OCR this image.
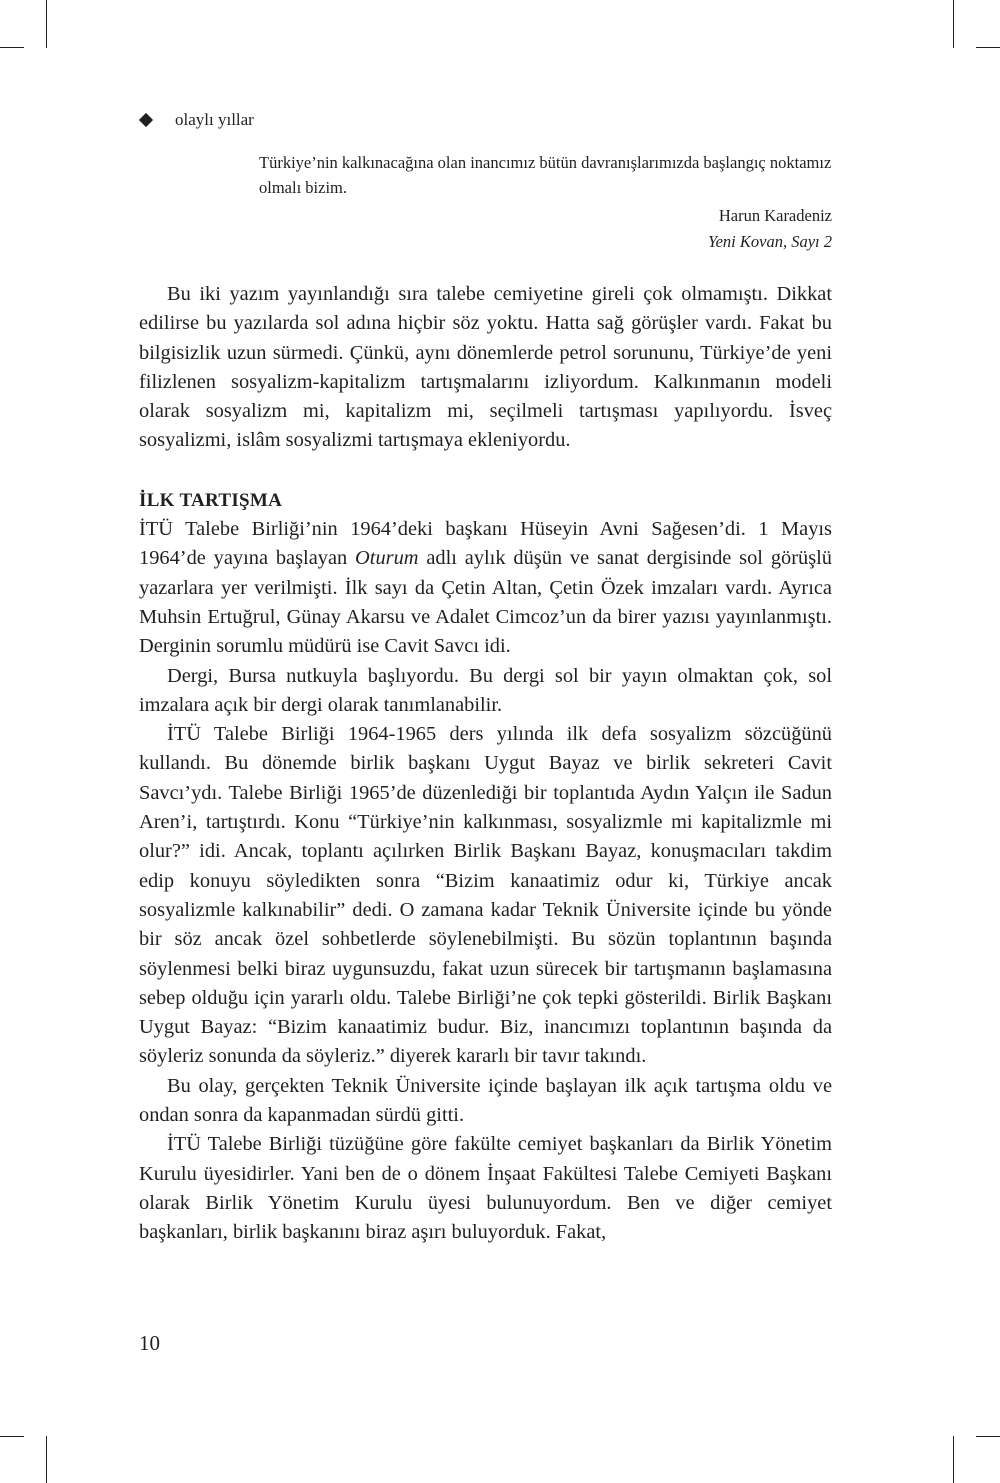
olaylı yıllar

Türkiye’nin kalkınacağına olan inancımız bütün davranışlarımızda başlangıç noktamız olmalı bizim.

Harun Karadeniz
Yeni Kovan, Sayı 2

Bu iki yazım yayınlandığı sıra talebe cemiyetine gireli çok olmamıştı. Dikkat edilirse bu yazılarda sol adına hiçbir söz yoktu. Hatta sağ görüşler vardı. Fakat bu bilgisizlik uzun sürmedi. Çünkü, aynı dönemlerde petrol sorununu, Türkiye’de yeni filizlenen sosyalizm-kapitalizm tartışmalarını izliyordum. Kalkınmanın modeli olarak sosyalizm mi, kapitalizm mi, seçilmeli tartışması yapılıyordu. İsveç sosyalizmi, islâm sosyalizmi tartışmaya ekleniyordu.

İLK TARTIŞMA

İTÜ Talebe Birliği’nin 1964’deki başkanı Hüseyin Avni Sağesen’di. 1 Mayıs 1964’de yayına başlayan Oturum adlı aylık düşün ve sanat dergisinde sol görüşlü yazarlara yer verilmişti. İlk sayı da Çetin Altan, Çetin Özek imzaları vardı. Ayrıca Muhsin Ertuğrul, Günay Akarsu ve Adalet Cimcoz’un da birer yazısı yayınlanmıştı. Derginin sorumlu müdürü ise Cavit Savcı idi.

Dergi, Bursa nutkuyla başlıyordu. Bu dergi sol bir yayın olmaktan çok, sol imzalara açık bir dergi olarak tanımlanabilir.

İTÜ Talebe Birliği 1964-1965 ders yılında ilk defa sosyalizm sözcüğünü kullandı. Bu dönemde birlik başkanı Uygut Bayaz ve birlik sekreteri Cavit Savcı’ydı. Talebe Birliği 1965’de düzenlediği bir toplantıda Aydın Yalçın ile Sadun Aren’i, tartıştırdı. Konu “Türkiye’nin kalkınması, sosyalizmle mi kapitalizmle mi olur?” idi. Ancak, toplantı açılırken Birlik Başkanı Bayaz, konuşmacıları takdim edip konuyu söyledikten sonra “Bizim kanaatimiz odur ki, Türkiye ancak sosyalizmle kalkınabilir” dedi. O zamana kadar Teknik Üniversite içinde bu yönde bir söz ancak özel sohbetlerde söylenebilmişti. Bu sözün toplantının başında söylenmesi belki biraz uygunsuzdu, fakat uzun sürecek bir tartışmanın başlamasına sebep olduğu için yararlı oldu. Talebe Birliği’ne çok tepki gösterildi. Birlik Başkanı Uygut Bayaz: “Bizim kanaatimiz budur. Biz, inancımızı toplantının başında da söyleriz sonunda da söyleriz.” diyerek kararlı bir tavır takındı.

Bu olay, gerçekten Teknik Üniversite içinde başlayan ilk açık tartışma oldu ve ondan sonra da kapanmadan sürdü gitti.

İTÜ Talebe Birliği tüzüğüne göre fakülte cemiyet başkanları da Birlik Yönetim Kurulu üyesidirler. Yani ben de o dönem İnşaat Fakültesi Talebe Cemiyeti Başkanı olarak Birlik Yönetim Kurulu üyesi bulunuyordum. Ben ve diğer cemiyet başkanları, birlik başkanını biraz aşırı buluyorduk. Fakat,

10
